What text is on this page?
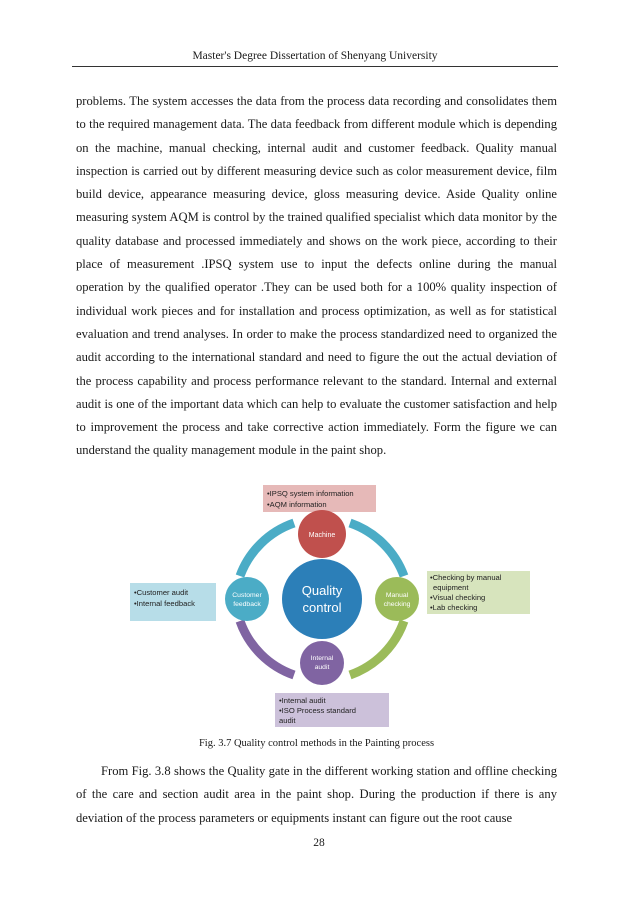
Master's Degree Dissertation of Shenyang University

problems. The system accesses the data from the process data recording and consolidates them to the required management data. The data feedback from different module which is depending on the machine, manual checking, internal audit and customer feedback. Quality manual inspection is carried out by different measuring device such as color measurement device, film build device, appearance measuring device, gloss measuring device. Aside Quality online measuring system AQM is control by the trained qualified specialist which data monitor by the quality database and processed immediately and shows on the work piece, according to their place of measurement .IPSQ system use to input the defects online during the manual operation by the qualified operator .They can be used both for a 100% quality inspection of individual work pieces and for installation and process optimization, as well as for statistical evaluation and trend analyses. In order to make the process standardized need to organized the audit according to the international standard and need to figure the out the actual deviation of the process capability and process performance relevant to the standard. Internal and external audit is one of the important data which can help to evaluate the customer satisfaction and help to improvement the process and take corrective action immediately. Form the figure we can understand the quality management module in the paint shop.

•IPSQ system information
•AQM information
•Checking by manual
equipment
•Visual checking
•Lab checking
•Customer audit
•Internal feedback
•Internal audit
•ISO Process standard
audit
Quality
control
Machine
Manual
checking
Internal
audit
Customer
feedback
Fig. 3.7 Quality control methods in the Painting process

From Fig. 3.8 shows the Quality gate in the different working station and offline checking of the care and section audit area in the paint shop. During the production if there is any deviation of the process parameters or equipments instant can figure out the root cause

28
